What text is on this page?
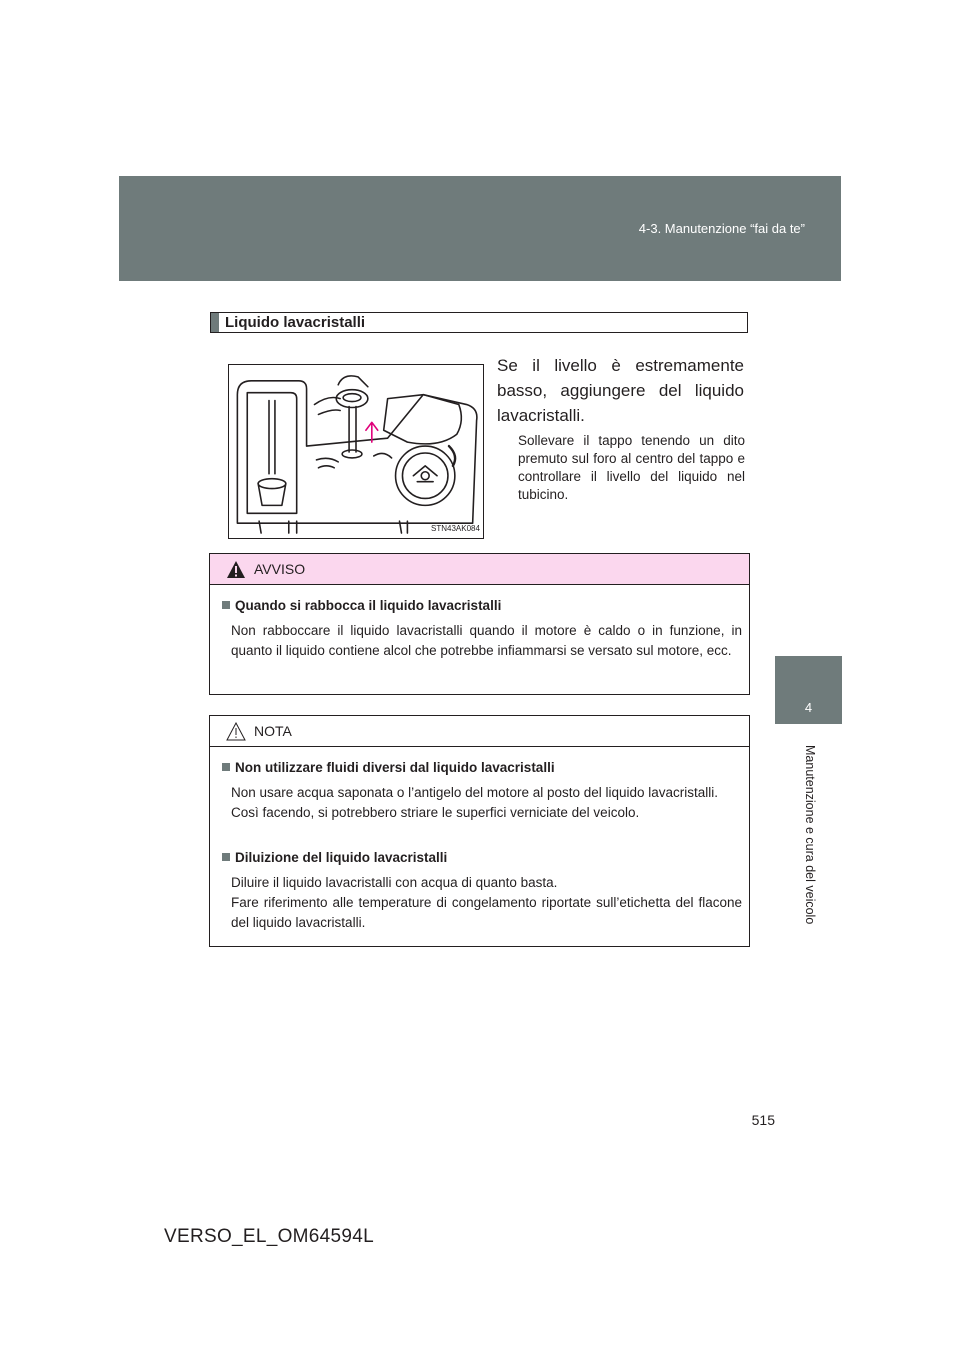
4-3. Manutenzione “fai da te”
4
Manutenzione e cura del veicolo
515
Liquido lavacristalli
STN43AK084
Se il livello è estremamente basso, aggiungere del liquido lavacristalli.
Sollevare il tappo tenendo un dito premuto sul foro al centro del tappo e controllare il livello del liquido nel tubicino.
AVVISO
Quando si rabbocca il liquido lavacristalli
Non rabboccare il liquido lavacristalli quando il motore è caldo o in funzione, in quanto il liquido contiene alcol che potrebbe infiammarsi se versato sul motore, ecc.
NOTA
Non utilizzare fluidi diversi dal liquido lavacristalli
Non usare acqua saponata o l’antigelo del motore al posto del liquido lavacristalli.
Così facendo, si potrebbero striare le superfici verniciate del veicolo.
Diluizione del liquido lavacristalli
Diluire il liquido lavacristalli con acqua di quanto basta.
Fare riferimento alle temperature di congelamento riportate sull’etichetta del flacone del liquido lavacristalli.
VERSO_EL_OM64594L
